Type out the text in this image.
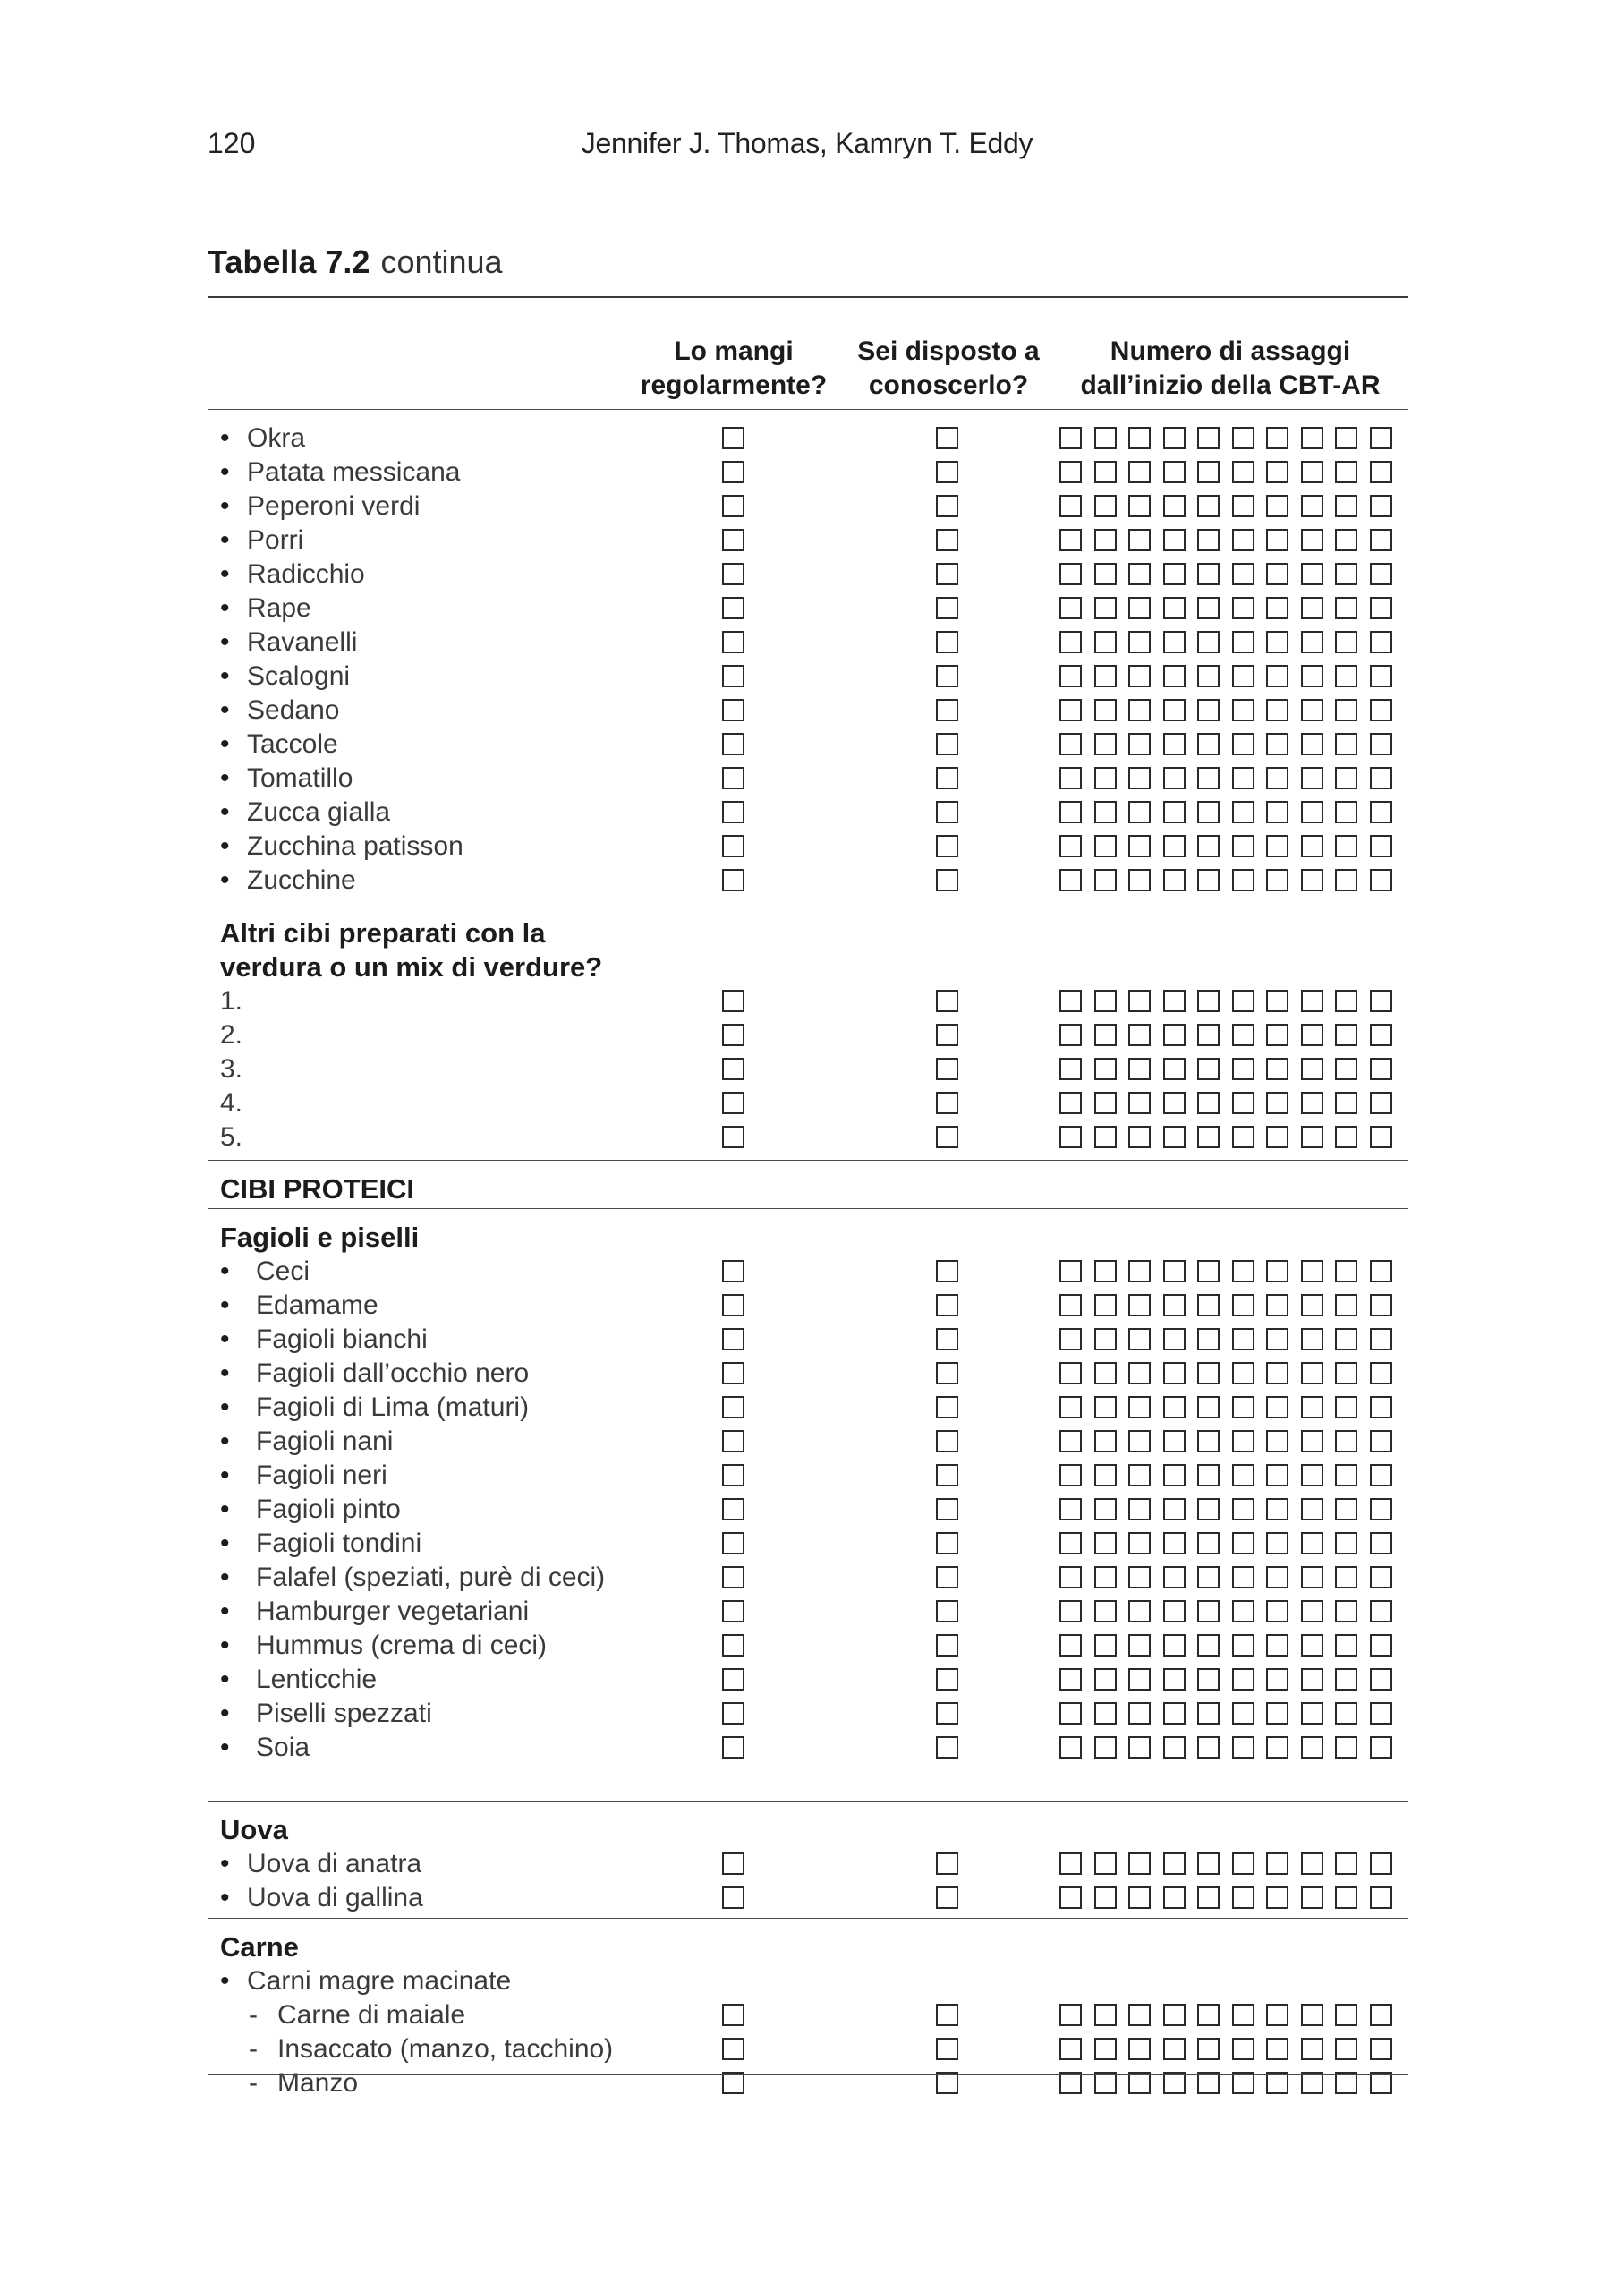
120	Jennifer J. Thomas, Kamryn T. Eddy
Tabella 7.2 continua
Lo mangi
regolarmente?
Sei disposto a
conoscerlo?
Numero di assaggi
dall’inizio della CBT-AR
• Okra
• Patata messicana
• Peperoni verdi
• Porri
• Radicchio
• Rape
• Ravanelli
• Scalogni
• Sedano
• Taccole
• Tomatillo
• Zucca gialla
• Zucchina patisson
• Zucchine
Altri cibi preparati con la
verdura o un mix di verdure?
1.
2.
3.
4.
5.
CIBI PROTEICI
Fagioli e piselli
• Ceci
• Edamame
• Fagioli bianchi
• Fagioli dall’occhio nero
• Fagioli di Lima (maturi)
• Fagioli nani
• Fagioli neri
• Fagioli pinto
• Fagioli tondini
• Falafel (speziati, purè di ceci)
• Hamburger vegetariani
• Hummus (crema di ceci)
• Lenticchie
• Piselli spezzati
• Soia
Uova
• Uova di anatra
• Uova di gallina
Carne
• Carni magre macinate
- Carne di maiale
- Insaccato (manzo, tacchino)
- Manzo
